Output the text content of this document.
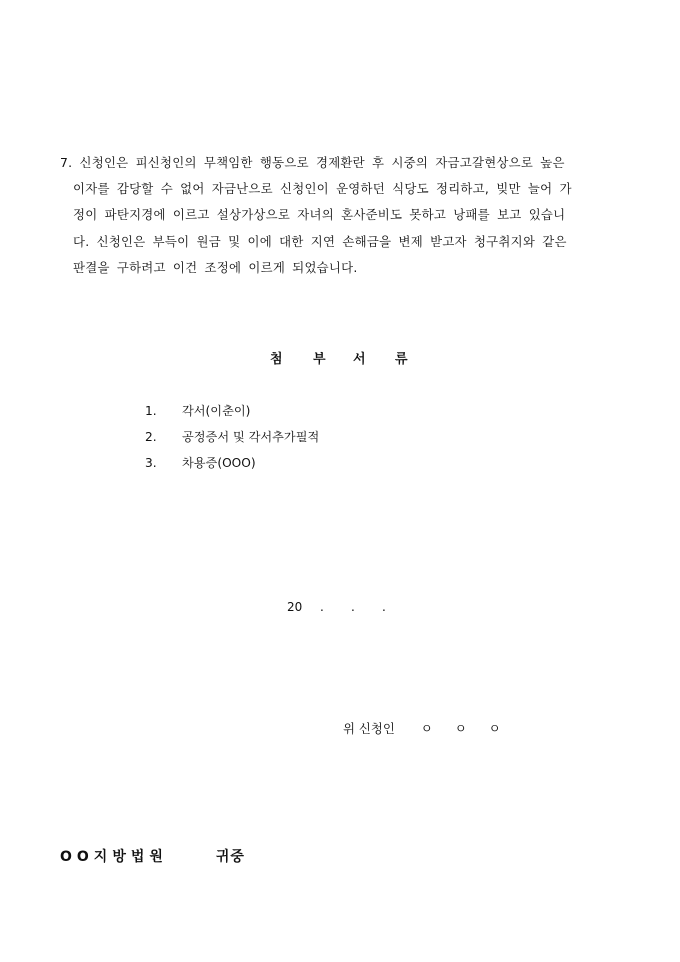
7. 신청인은 피신청인의 무책임한 행동으로 경제환란 후 시중의 자금고갈현상으로 높은
이자를 감당할 수 없어 자금난으로 신청인이 운영하던 식당도 정리하고, 빚만 늘어 가
정이 파탄지경에 이르고 설상가상으로 자녀의 혼사준비도 못하고 낭패를 보고 있습니
다. 신청인은 부득이 원금 및 이에 대한 지연 손해금을 변제 받고자 청구취지와 같은
판결을 구하려고 이건 조정에 이르게 되었습니다.
첨 부 서 류
1. 각서(이춘이)
2. 공정증서 및 각서추가필적
3. 차용증(OOO)
20 . . .
위 신청인 ㅇ ㅇ ㅇ
OO지방법원	귀중
